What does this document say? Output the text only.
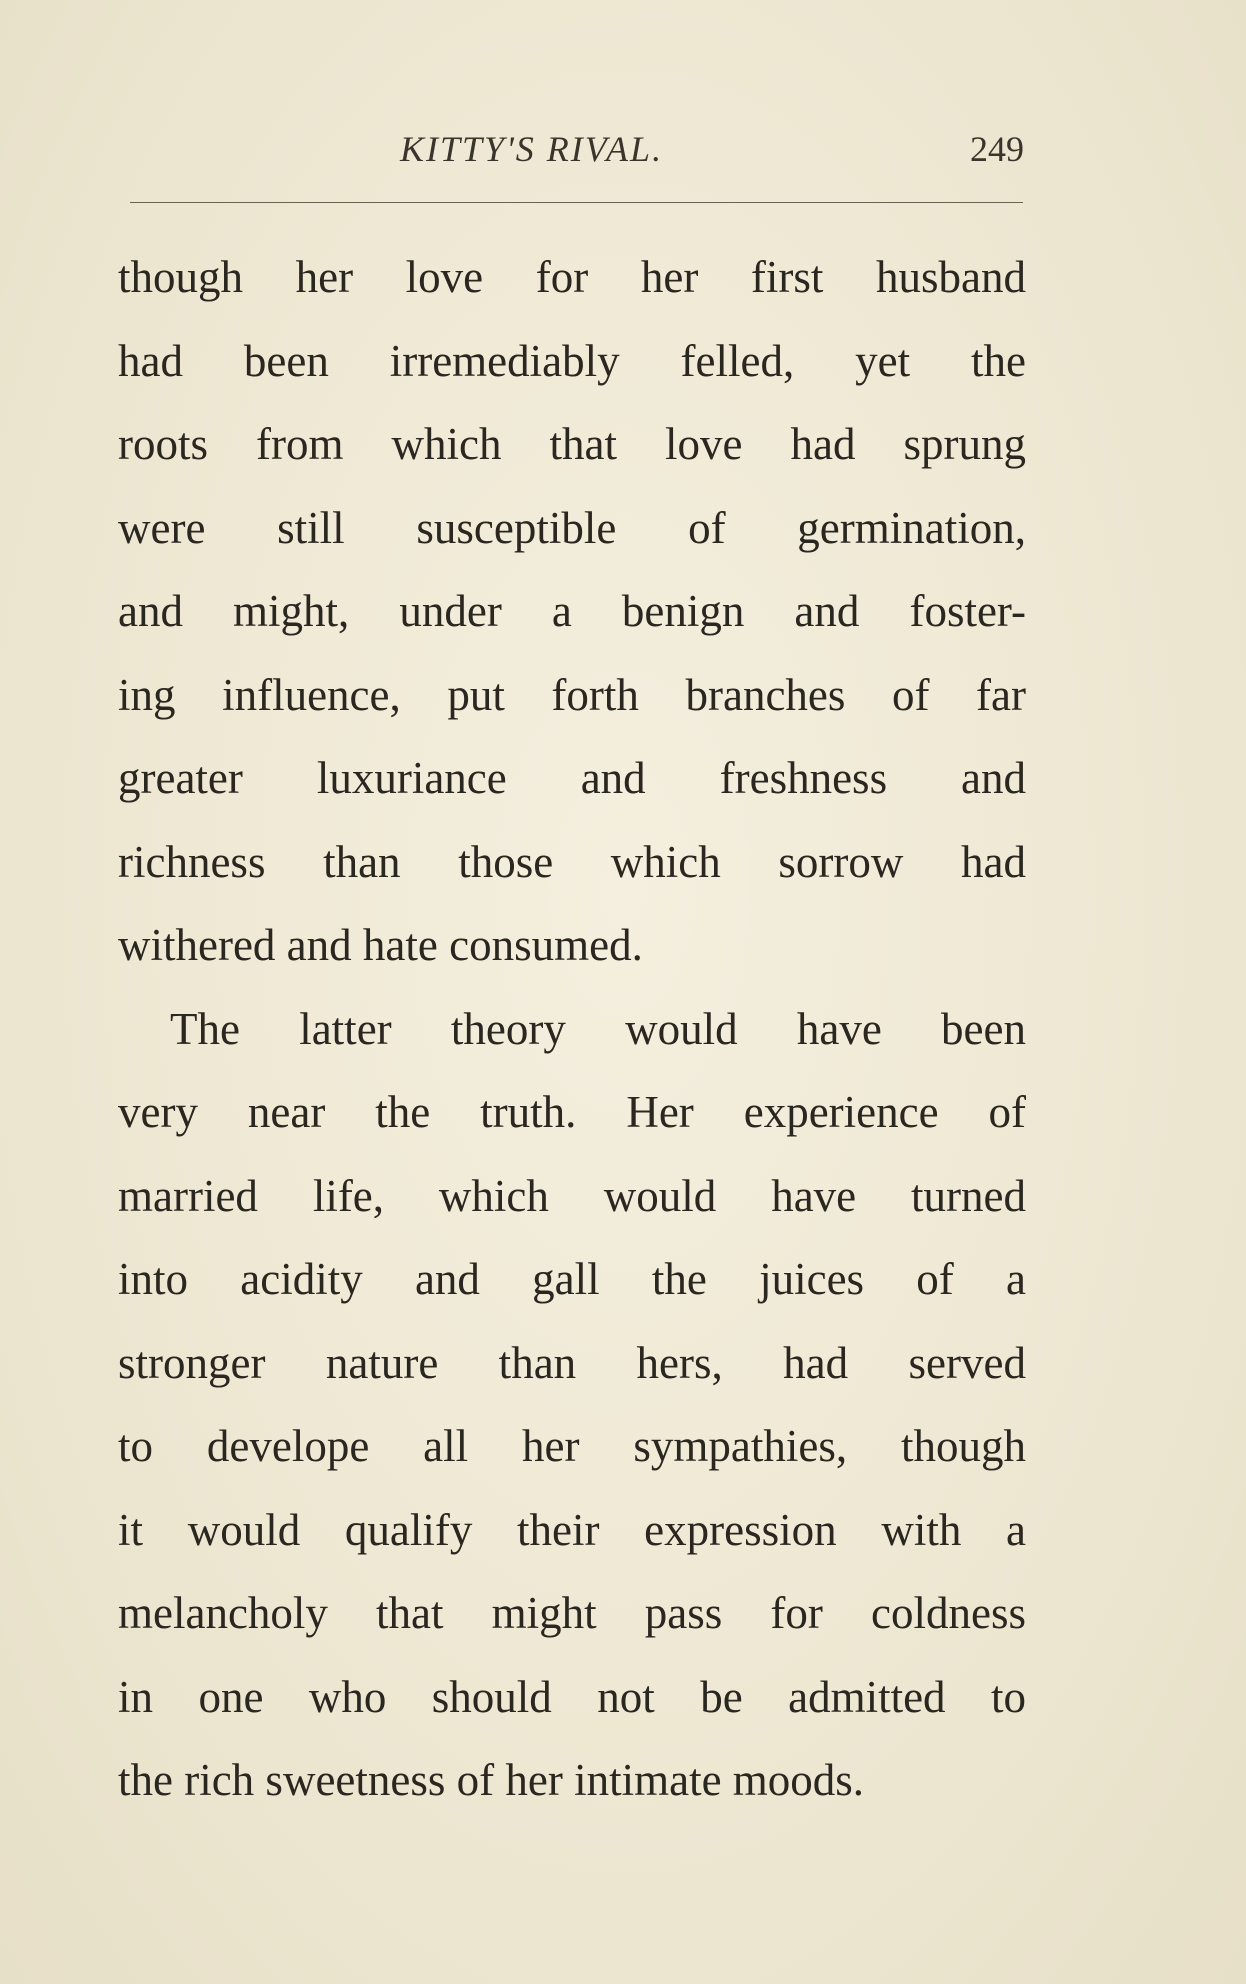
KITTY'S RIVAL.	249
though her love for her first husband
had been irremediably felled, yet the
roots from which that love had sprung
were still susceptible of germination,
and might, under a benign and foster-
ing influence, put forth branches of far
greater luxuriance and freshness and
richness than those which sorrow had
withered and hate consumed.
The latter theory would have been
very near the truth. Her experience of
married life, which would have turned
into acidity and gall the juices of a
stronger nature than hers, had served
to develope all her sympathies, though
it would qualify their expression with a
melancholy that might pass for coldness
in one who should not be admitted to
the rich sweetness of her intimate moods.
